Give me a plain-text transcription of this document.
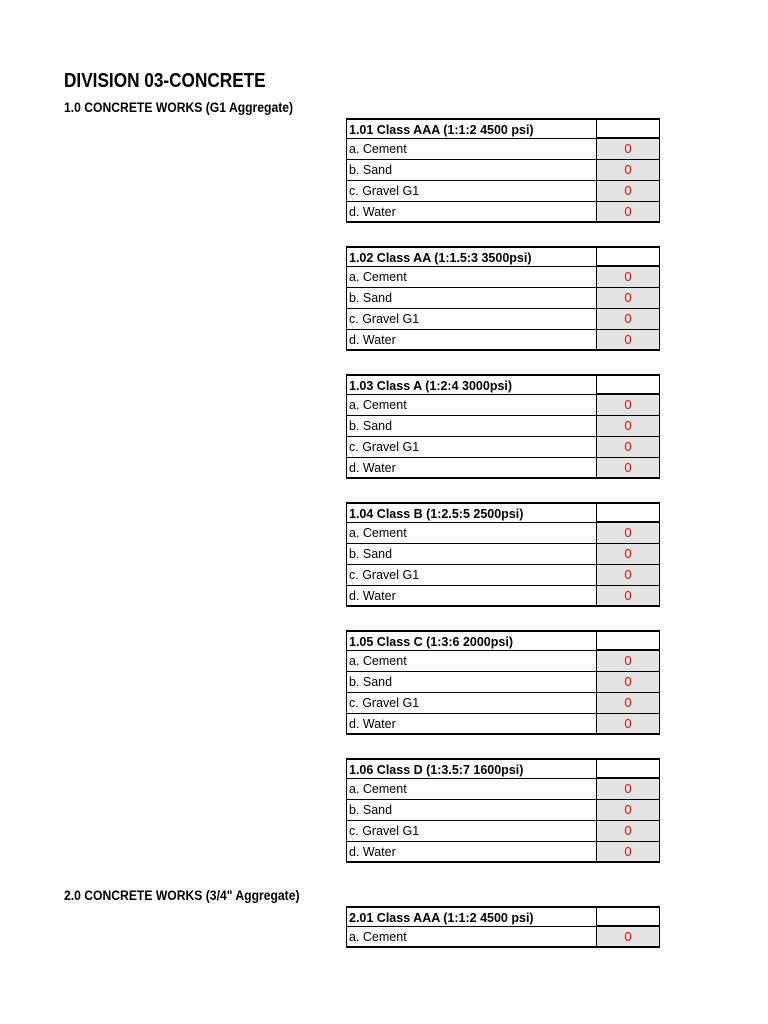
DIVISION 03-CONCRETE
1.0 CONCRETE WORKS (G1 Aggregate)
1.01 Class AAA (1:1:2 4500 psi)
a. Cement	0
b. Sand	0
c. Gravel G1	0
d. Water	0
1.02 Class AA (1:1.5:3 3500psi)
a. Cement	0
b. Sand	0
c. Gravel G1	0
d. Water	0
1.03 Class A (1:2:4 3000psi)
a. Cement	0
b. Sand	0
c. Gravel G1	0
d. Water	0
1.04 Class B (1:2.5:5 2500psi)
a. Cement	0
b. Sand	0
c. Gravel G1	0
d. Water	0
1.05 Class C (1:3:6 2000psi)
a. Cement	0
b. Sand	0
c. Gravel G1	0
d. Water	0
1.06 Class D (1:3.5:7 1600psi)
a. Cement	0
b. Sand	0
c. Gravel G1	0
d. Water	0
2.0 CONCRETE WORKS (3/4" Aggregate)
2.01 Class AAA (1:1:2 4500 psi)
a. Cement	0
